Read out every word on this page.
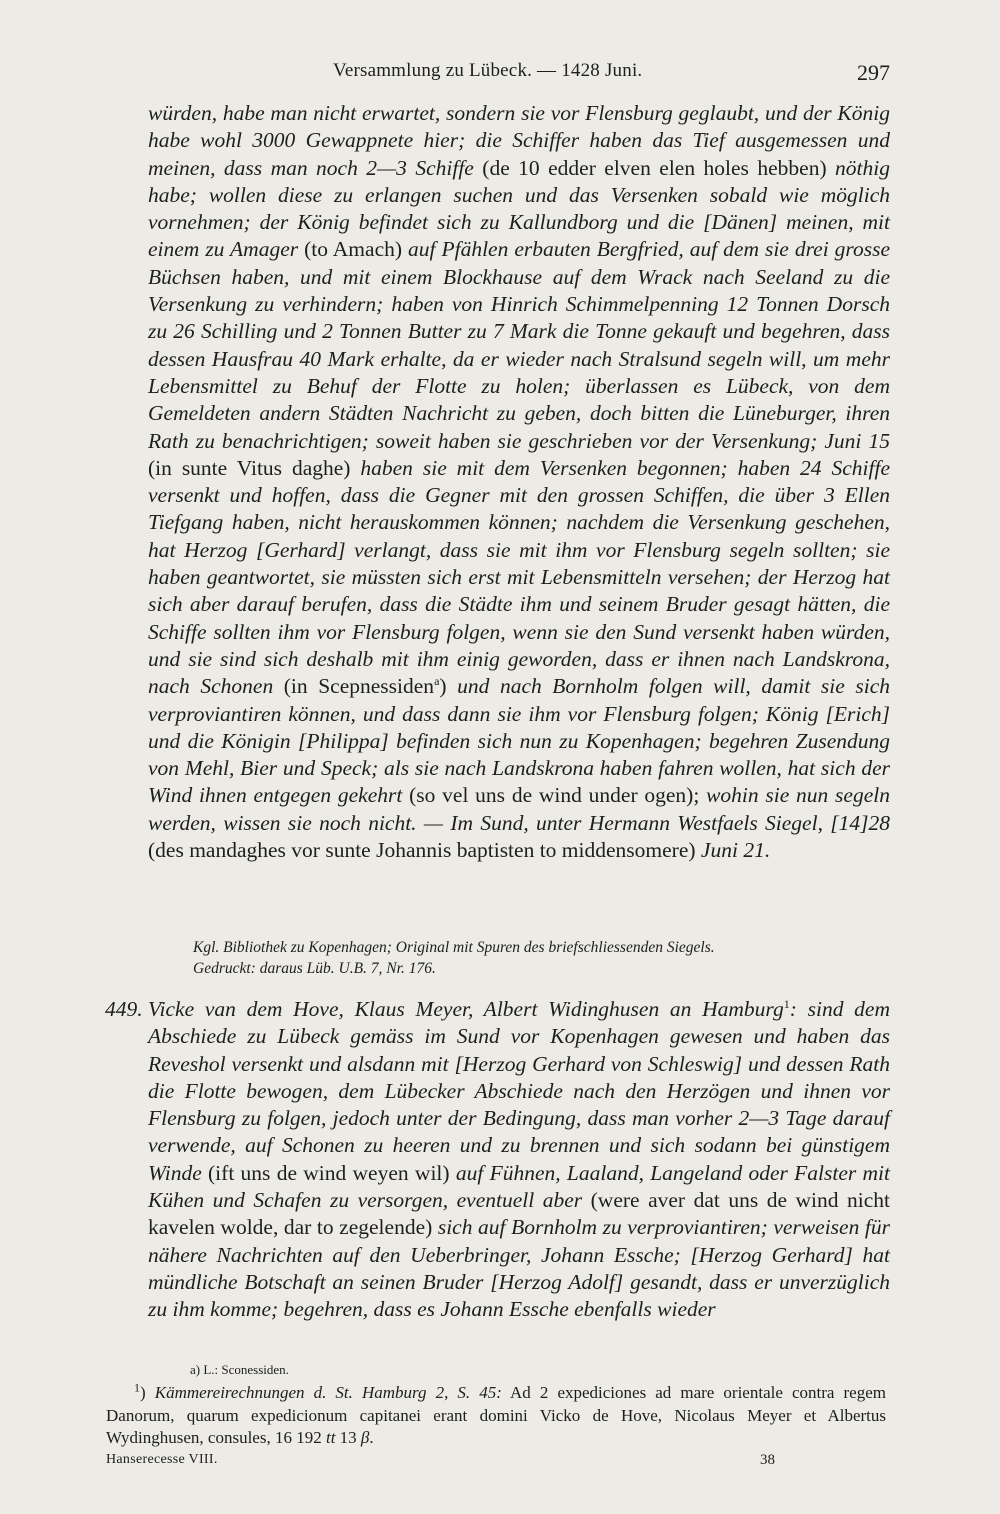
Versammlung zu Lübeck. — 1428 Juni.	297

würden, habe man nicht erwartet, sondern sie vor Flensburg geglaubt, und der König habe wohl 3000 Gewappnete hier; die Schiffer haben das Tief ausgemessen und meinen, dass man noch 2—3 Schiffe (de 10 edder elven elen holes hebben) nöthig habe; wollen diese zu erlangen suchen und das Versenken sobald wie möglich vornehmen; der König befindet sich zu Kallundborg und die [Dänen] meinen, mit einem zu Amager (to Amach) auf Pfählen erbauten Bergfried, auf dem sie drei grosse Büchsen haben, und mit einem Blockhause auf dem Wrack nach Seeland zu die Versenkung zu verhindern; haben von Hinrich Schimmelpenning 12 Tonnen Dorsch zu 26 Schilling und 2 Tonnen Butter zu 7 Mark die Tonne gekauft und begehren, dass dessen Hausfrau 40 Mark erhalte, da er wieder nach Stralsund segeln will, um mehr Lebensmittel zu Behuf der Flotte zu holen; überlassen es Lübeck, von dem Gemeldeten andern Städten Nachricht zu geben, doch bitten die Lüneburger, ihren Rath zu benachrichtigen; soweit haben sie geschrieben vor der Versenkung; Juni 15 (in sunte Vitus daghe) haben sie mit dem Versenken begonnen; haben 24 Schiffe versenkt und hoffen, dass die Gegner mit den grossen Schiffen, die über 3 Ellen Tiefgang haben, nicht herauskommen können; nachdem die Versenkung geschehen, hat Herzog [Gerhard] verlangt, dass sie mit ihm vor Flensburg segeln sollten; sie haben geantwortet, sie müssten sich erst mit Lebensmitteln versehen; der Herzog hat sich aber darauf berufen, dass die Städte ihm und seinem Bruder gesagt hätten, die Schiffe sollten ihm vor Flensburg folgen, wenn sie den Sund versenkt haben würden, und sie sind sich deshalb mit ihm einig geworden, dass er ihnen nach Landskrona, nach Schonen (in Scepnessiden$^a$) und nach Bornholm folgen will, damit sie sich verproviantiren können, und dass dann sie ihm vor Flensburg folgen; König [Erich] und die Königin [Philippa] befinden sich nun zu Kopenhagen; begehren Zusendung von Mehl, Bier und Speck; als sie nach Landskrona haben fahren wollen, hat sich der Wind ihnen entgegen gekehrt (so vel uns de wind under ogen); wohin sie nun segeln werden, wissen sie noch nicht. — Im Sund, unter Hermann Westfaels Siegel, [14]28 (des mandaghes vor sunte Johannis baptisten to middensomere) Juni 21.

Kgl. Bibliothek zu Kopenhagen; Original mit Spuren des briefschliessenden Siegels.
Gedruckt: daraus Lüb. U.B. 7, Nr. 176.
449. Vicke van dem Hove, Klaus Meyer, Albert Widinghusen an Hamburg$^1$: sind dem Abschiede zu Lübeck gemäss im Sund vor Kopenhagen gewesen und haben das Reveshol versenkt und alsdann mit [Herzog Gerhard von Schleswig] und dessen Rath die Flotte bewogen, dem Lübecker Abschiede nach den Herzögen und ihnen vor Flensburg zu folgen, jedoch unter der Bedingung, dass man vorher 2—3 Tage darauf verwende, auf Schonen zu heeren und zu brennen und sich sodann bei günstigem Winde (ift uns de wind weyen wil) auf Fühnen, Laaland, Langeland oder Falster mit Kühen und Schafen zu versorgen, eventuell aber (were aver dat uns de wind nicht kavelen wolde, dar to zegelende) sich auf Bornholm zu verproviantiren; verweisen für nähere Nachrichten auf den Ueberbringer, Johann Essche; [Herzog Gerhard] hat mündliche Botschaft an seinen Bruder [Herzog Adolf] gesandt, dass er unverzüglich zu ihm komme; begehren, dass es Johann Essche ebenfalls wieder

a) L.: Sconessiden.

$^1$) Kämmereirechnungen d. St. Hamburg 2, S. 45: Ad 2 expediciones ad mare orientale contra regem Danorum, quarum expedicionum capitanei erant domini Vicko de Hove, Nicolaus Meyer et Albertus Wydinghusen, consules, 16 192 tt 13 β.

Hanserecesse VIII.	38
